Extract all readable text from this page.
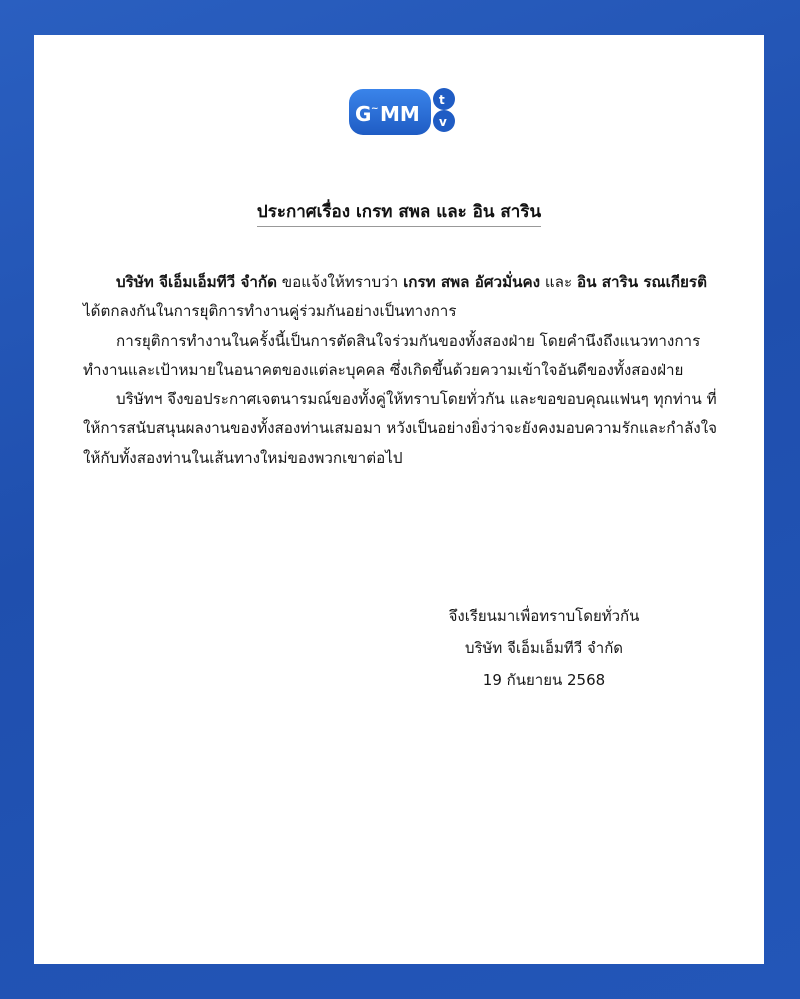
G ~ MM
t
v
ประกาศเรื่อง เกรท สพล และ อิน สาริน

บริษัท จีเอ็มเอ็มทีวี จำกัด ขอแจ้งให้ทราบว่า เกรท สพล อัศวมั่นคง และ อิน สาริน รณเกียรติ ได้ตกลงกันในการยุติการทำงานคู่ร่วมกันอย่างเป็นทางการ

การยุติการทำงานในครั้งนี้เป็นการตัดสินใจร่วมกันของทั้งสองฝ่าย โดยคำนึงถึงแนวทางการทำงานและเป้าหมายในอนาคตของแต่ละบุคคล ซึ่งเกิดขึ้นด้วยความเข้าใจอันดีของทั้งสองฝ่าย

บริษัทฯ จึงขอประกาศเจตนารมณ์ของทั้งคู่ให้ทราบโดยทั่วกัน และขอขอบคุณแฟนๆ ทุกท่าน ที่ให้การสนับสนุนผลงานของทั้งสองท่านเสมอมา หวังเป็นอย่างยิ่งว่าจะยังคงมอบความรักและกำลังใจให้กับทั้งสองท่านในเส้นทางใหม่ของพวกเขาต่อไป

จึงเรียนมาเพื่อทราบโดยทั่วกัน
บริษัท จีเอ็มเอ็มทีวี จำกัด
19 กันยายน 2568
